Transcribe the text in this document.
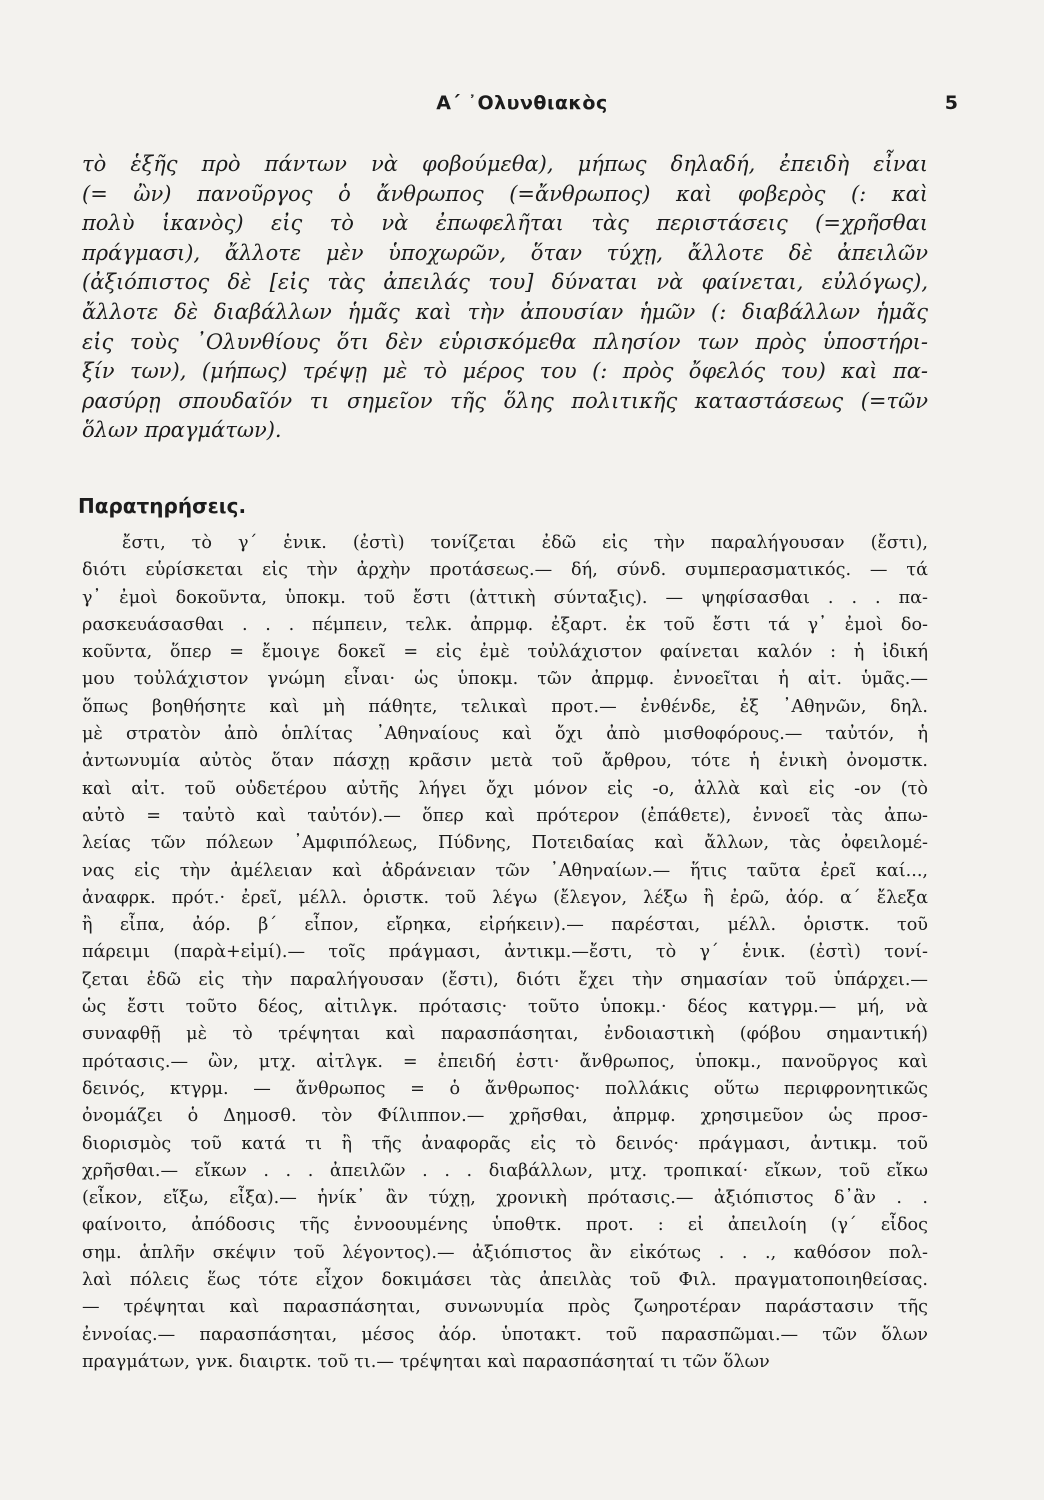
Α΄ ᾽Ολυνθιακὸς	5
τὸ ἑξῆς πρὸ πάντων νὰ φοβούμεθα), μήπως δηλαδή, ἐπειδὴ εἶναι
(= ὢν) πανοῦργος ὁ ἄνθρωπος (=ἄνθρωπος) καὶ φοβερὸς (: καὶ
πολὺ ἱκανὸς) εἰς τὸ νὰ ἐπωφελῆται τὰς περιστάσεις (=χρῆσθαι
πράγμασι), ἄλλοτε μὲν ὑποχωρῶν, ὅταν τύχῃ, ἄλλοτε δὲ ἀπειλῶν
(ἀξιόπιστος δὲ [εἰς τὰς ἀπειλάς του] δύναται νὰ φαίνεται, εὐλόγως),
ἄλλοτε δὲ διαβάλλων ἡμᾶς καὶ τὴν ἀπουσίαν ἡμῶν (: διαβάλλων ἡμᾶς
εἰς τοὺς ᾽Ολυνθίους ὅτι δὲν εὑρισκόμεθα πλησίον των πρὸς ὑποστήρι-
ξίν των), (μήπως) τρέψῃ μὲ τὸ μέρος του (: πρὸς ὄφελός του) καὶ πα-
ρασύρῃ σπουδαῖόν τι σημεῖον τῆς ὅλης πολιτικῆς καταστάσεως (=τῶν
ὅλων πραγμάτων).
Παρατηρήσεις.
ἔστι, τὸ γ΄ ἑνικ. (ἐστὶ) τονίζεται ἐδῶ εἰς τὴν παραλήγουσαν (ἔστι),
διότι εὑρίσκεται εἰς τὴν ἀρχὴν προτάσεως.— δή, σύνδ. συμπερασματικός. — τά
γ᾽ ἐμοὶ δοκοῦντα, ὑποκμ. τοῦ ἔστι (ἀττικὴ σύνταξις). — ψηφίσασθαι . . . πα-
ρασκευάσασθαι . . . πέμπειν, τελκ. ἀπρμφ. ἐξαρτ. ἐκ τοῦ ἔστι τά γ᾽ ἐμοὶ δο-
κοῦντα, ὅπερ = ἔμοιγε δοκεῖ = εἰς ἐμὲ τοὐλάχιστον φαίνεται καλόν : ἡ ἰδική
μου τοὐλάχιστον γνώμη εἶναι· ὡς ὑποκμ. τῶν ἀπρμφ. ἐννοεῖται ἡ αἰτ. ὑμᾶς.—
ὅπως βοηθήσητε καὶ μὴ πάθητε, τελικαὶ προτ.— ἐνθένδε, ἐξ ᾽Αθηνῶν, δηλ.
μὲ στρατὸν ἀπὸ ὁπλίτας ᾽Αθηναίους καὶ ὄχι ἀπὸ μισθοφόρους.— ταὐτόν, ἡ
ἀντωνυμία αὐτὸς ὅταν πάσχῃ κρᾶσιν μετὰ τοῦ ἄρθρου, τότε ἡ ἑνικὴ ὀνομστκ.
καὶ αἰτ. τοῦ οὐδετέρου αὐτῆς λήγει ὄχι μόνον εἰς -ο, ἀλλὰ καὶ εἰς -ον (τὸ
αὐτὸ = ταὐτὸ καὶ ταὐτόν).— ὅπερ καὶ πρότερον (ἐπάθετε), ἐννοεῖ τὰς ἀπω-
λείας τῶν πόλεων ᾽Αμφιπόλεως, Πύδνης, Ποτειδαίας καὶ ἄλλων, τὰς ὀφειλομέ-
νας εἰς τὴν ἀμέλειαν καὶ ἀδράνειαν τῶν ᾽Αθηναίων.— ἥτις ταῦτα ἐρεῖ καί...,
ἀναφρκ. πρότ.· ἐρεῖ, μέλλ. ὁριστκ. τοῦ λέγω (ἔλεγον, λέξω ἢ ἐρῶ, ἀόρ. α΄ ἔλεξα
ἢ εἶπα, ἀόρ. β΄ εἶπον, εἴρηκα, εἰρήκειν).— παρέσται, μέλλ. ὁριστκ. τοῦ
πάρειμι (παρὰ+εἰμί).— τοῖς πράγμασι, ἀντικμ.—ἔστι, τὸ γ΄ ἑνικ. (ἐστὶ) τονί-
ζεται ἐδῶ εἰς τὴν παραλήγουσαν (ἔστι), διότι ἔχει τὴν σημασίαν τοῦ ὑπάρχει.—
ὡς ἔστι τοῦτο δέος, αἰτιλγκ. πρότασις· τοῦτο ὑποκμ.· δέος κατγρμ.— μή, νὰ
συναφθῇ μὲ τὸ τρέψηται καὶ παρασπάσηται, ἐνδοιαστικὴ (φόβου σημαντική)
πρότασις.— ὢν, μτχ. αἰτλγκ. = ἐπειδή ἐστι· ἄνθρωπος, ὑποκμ., πανοῦργος καὶ
δεινός, κτγρμ. — ἄνθρωπος = ὁ ἄνθρωπος· πολλάκις οὕτω περιφρονητικῶς
ὀνομάζει ὁ Δημοσθ. τὸν Φίλιππον.— χρῆσθαι, ἀπρμφ. χρησιμεῦον ὡς προσ-
διορισμὸς τοῦ κατά τι ἢ τῆς ἀναφορᾶς εἰς τὸ δεινός· πράγμασι, ἀντικμ. τοῦ
χρῆσθαι.— εἴκων . . . ἀπειλῶν . . . διαβάλλων, μτχ. τροπικαί· εἴκων, τοῦ εἴκω
(εἶκον, εἴξω, εἶξα).— ἡνίκ᾽ ἂν τύχῃ, χρονικὴ πρότασις.— ἀξιόπιστος δ᾽ἂν . .
φαίνοιτο, ἀπόδοσις τῆς ἐννοουμένης ὑποθτκ. προτ. : εἰ ἀπειλοίη (γ΄ εἶδος
σημ. ἁπλῆν σκέψιν τοῦ λέγοντος).— ἀξιόπιστος ἂν εἰκότως . . ., καθόσον πολ-
λαὶ πόλεις ἕως τότε εἶχον δοκιμάσει τὰς ἀπειλὰς τοῦ Φιλ. πραγματοποιηθείσας.
— τρέψηται καὶ παρασπάσηται, συνωνυμία πρὸς ζωηροτέραν παράστασιν τῆς
ἐννοίας.— παρασπάσηται, μέσος ἀόρ. ὑποτακτ. τοῦ παρασπῶμαι.— τῶν ὅλων
πραγμάτων, γνκ. διαιρτκ. τοῦ τι.— τρέψηται καὶ παρασπάσηταί τι τῶν ὅλων
